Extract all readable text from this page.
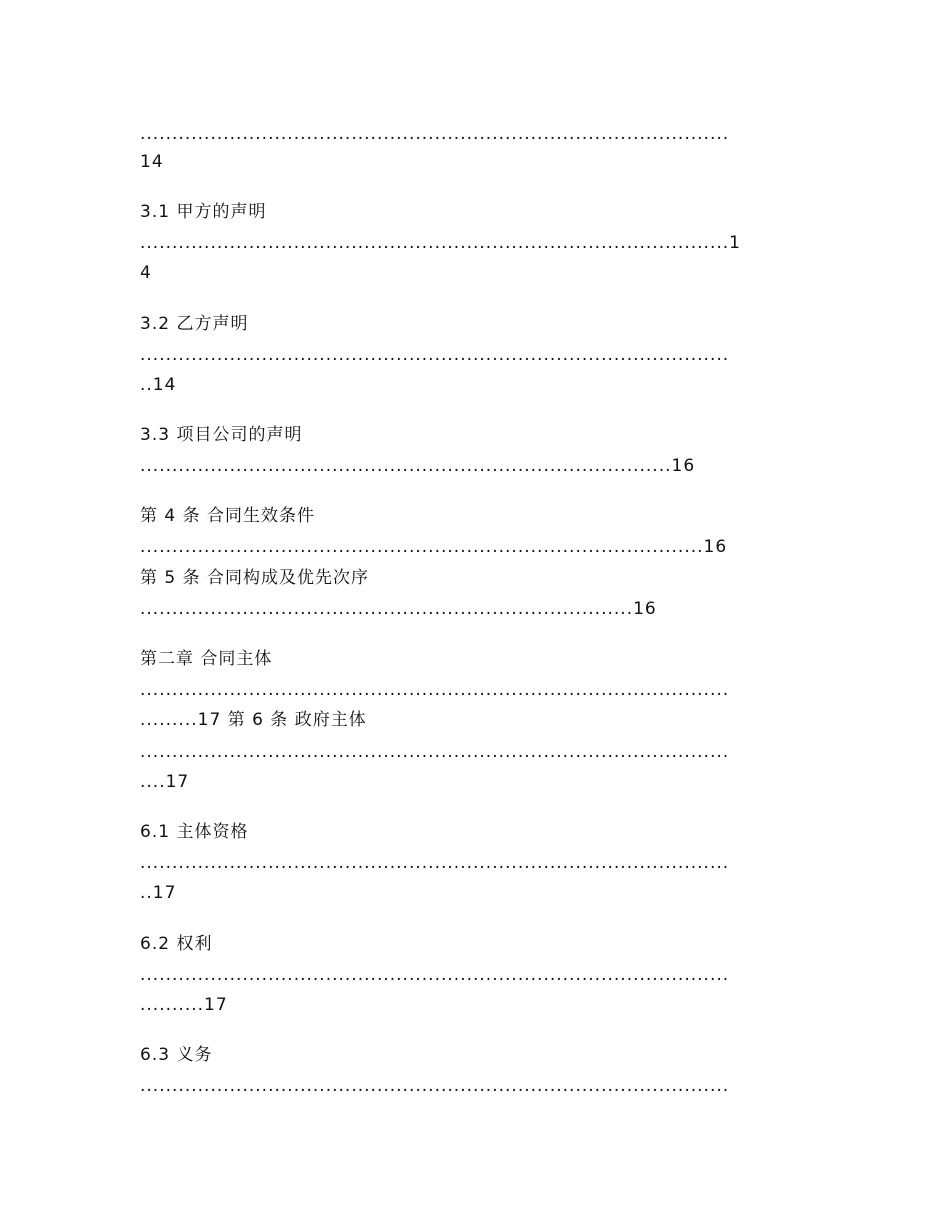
............................................................................................
14
3.1 甲方的声明
............................................................................................1
4
3.2 乙方声明
............................................................................................
..14
3.3 项目公司的声明
...................................................................................16
第 4 条 合同生效条件
........................................................................................16
第 5 条 合同构成及优先次序
.............................................................................16
第二章 合同主体
............................................................................................
.........17 第 6 条 政府主体
............................................................................................
....17
6.1 主体资格
............................................................................................
..17
6.2 权利
............................................................................................
..........17
6.3 义务
............................................................................................
